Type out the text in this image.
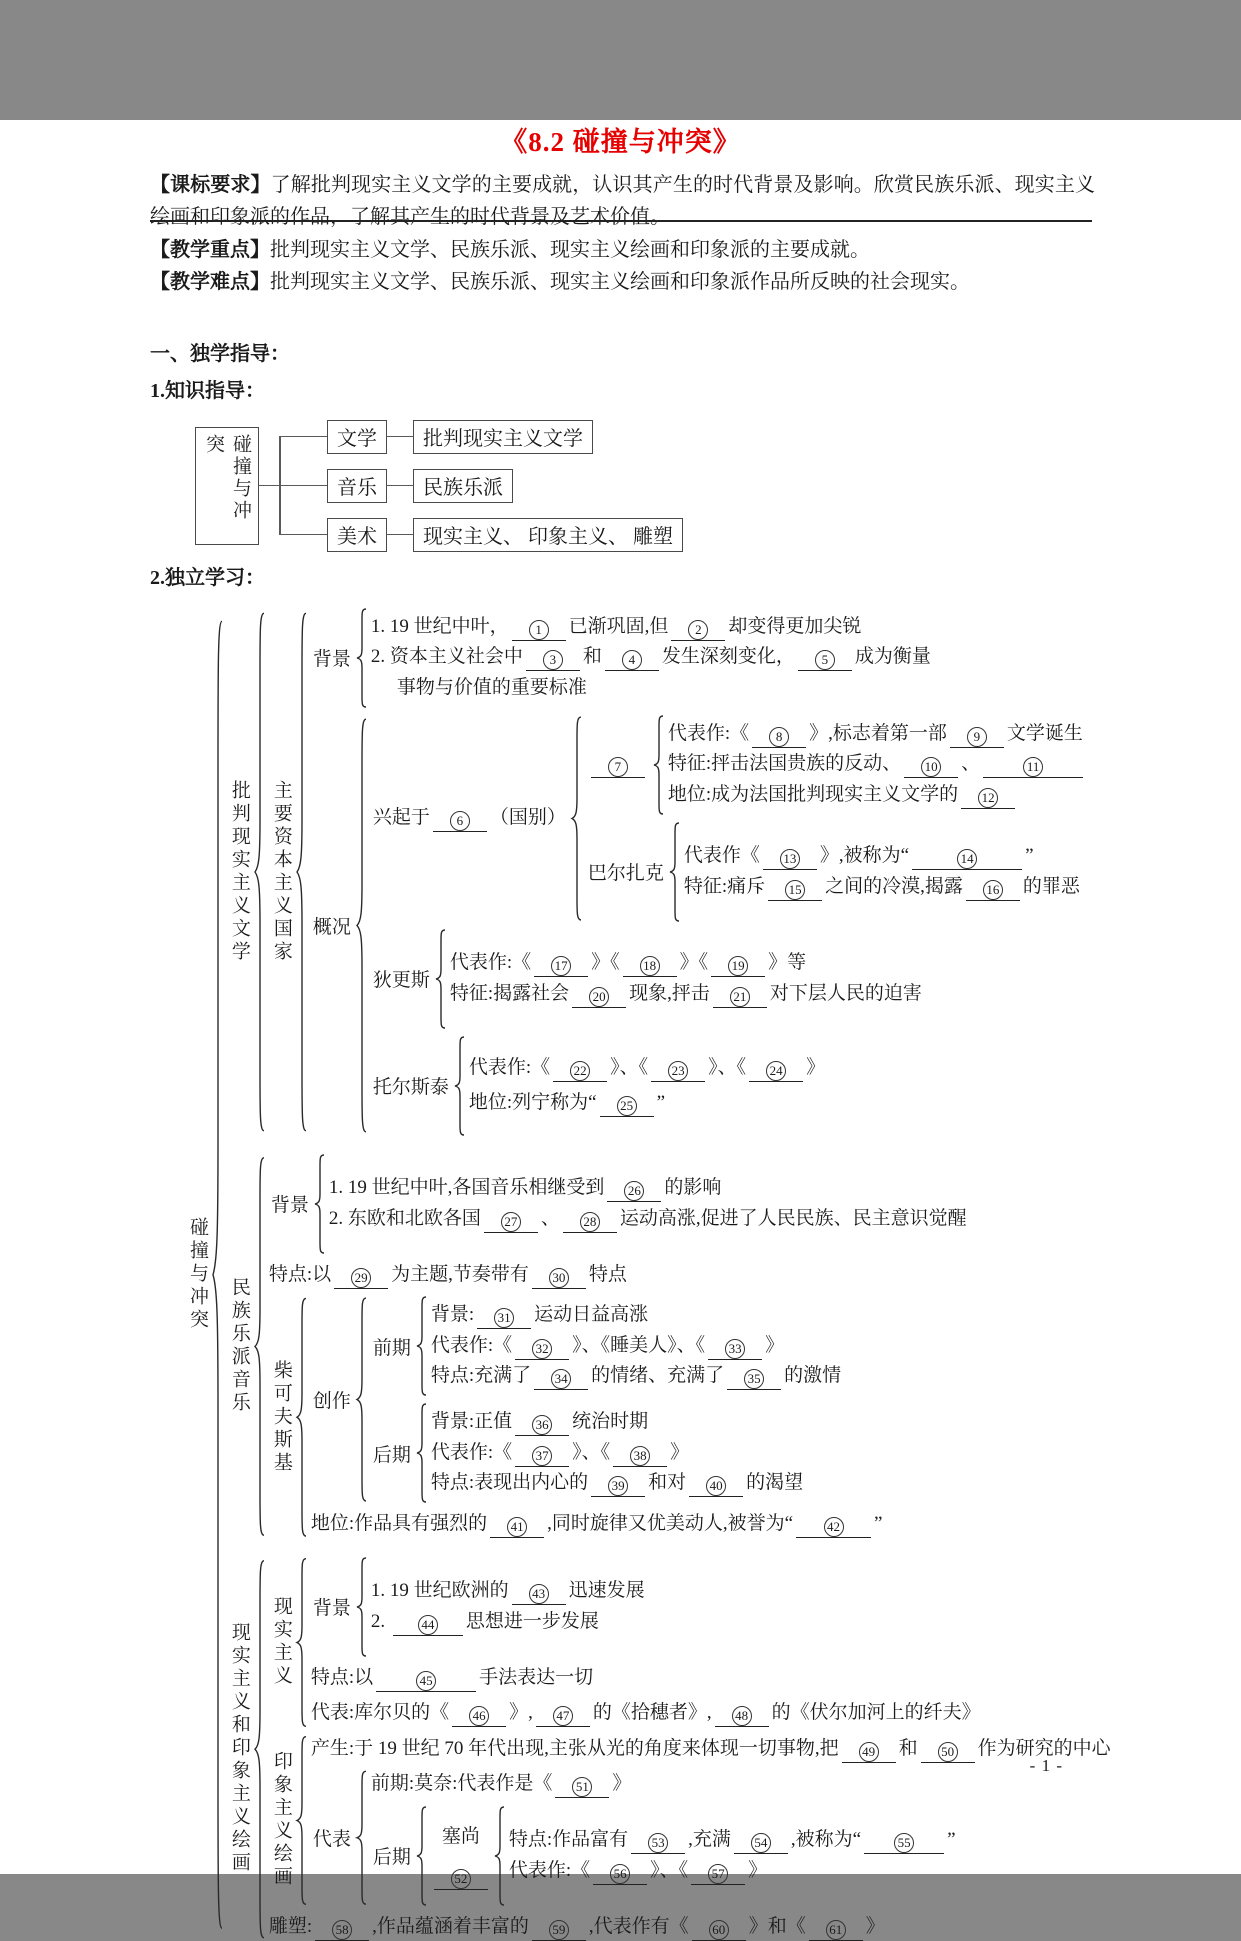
《8.2 碰撞与冲突》

【课标要求】了解批判现实主义文学的主要成就，认识其产生的时代背景及影响。欣赏民族乐派、现实主义绘画和印象派的作品，了解其产生的时代背景及艺术价值。

【教学重点】批判现实主义文学、民族乐派、现实主义绘画和印象派的主要成就。

【教学难点】批判现实主义文学、民族乐派、现实主义绘画和印象派作品所反映的社会现实。

一、独学指导：
1.知识指导：
碰撞与冲突	文学	批判现实主义文学
音乐	民族乐派
美术	现实主义、 印象主义、 雕塑
2.独立学习：
碰撞与冲突
批判现实主义文学 主要资本主义国家
背景
1. 19 世纪中叶， 1 已渐巩固,但 2 却变得更加尖锐
2. 资本主义社会中 3 和 4 发生深刻变化， 5 成为衡量
事物与价值的重要标准
概况
兴起于 6 （国别）
7
代表作:《 8 》,标志着第一部 9 文学诞生
特征:抨击法国贵族的反动、 10 、	11
地位:成为法国批判现实主义文学的 12
巴尔扎克
代表作《 13 》,被称为“	14	”
特征:痛斥 15 之间的冷漠,揭露 16 的罪恶
狄更斯
代表作:《 17 》《 18 》《 19 》等
特征:揭露社会 20 现象,抨击 21 对下层人民的迫害
托尔斯泰
代表作:《 22 》、《 23 》、《 24 》
地位:列宁称为“ 25 ”
民族乐派音乐
背景
1. 19 世纪中叶,各国音乐相继受到 26 的影响
2. 东欧和北欧各国 27 、 28 运动高涨,促进了人民民族、民主意识觉醒
特点:以 29 为主题,节奏带有 30 特点
柴可夫斯基 创作
前期
背景: 31 运动日益高涨
代表作:《 32 》、《睡美人》、《 33 》
特点:充满了 34 的情绪、充满了 35 的激情
后期
背景:正值 36 统治时期
代表作:《 37 》、《 38 》
特点:表现出内心的 39 和对 40 的渴望
地位:作品具有强烈的 41 ,同时旋律又优美动人,被誉为“	42 ”
现实主义和印象主义绘画 现实主义 背景
1. 19 世纪欧洲的 43 迅速发展
2. 44 思想进一步发展
特点:以	45 手法表达一切
代表:库尔贝的《 46 》, 47 的《拾穗者》, 48 的《伏尔加河上的纤夫》
印象主义绘画
产生:于 19 世纪 70 年代出现,主张从光的角度来体现一切事物,把 49 和 50 作为研究的中心
代表
前期:莫奈:代表作是《 51 》
后期
塞尚
52
特点:作品富有 53 ,充满 54 ,被称为“	55 ”
代表作:《 56 》、《 57 》
雕塑: 58 ,作品蕴涵着丰富的 59 ,代表作有《 60 》和《 61 》
- 1 -
